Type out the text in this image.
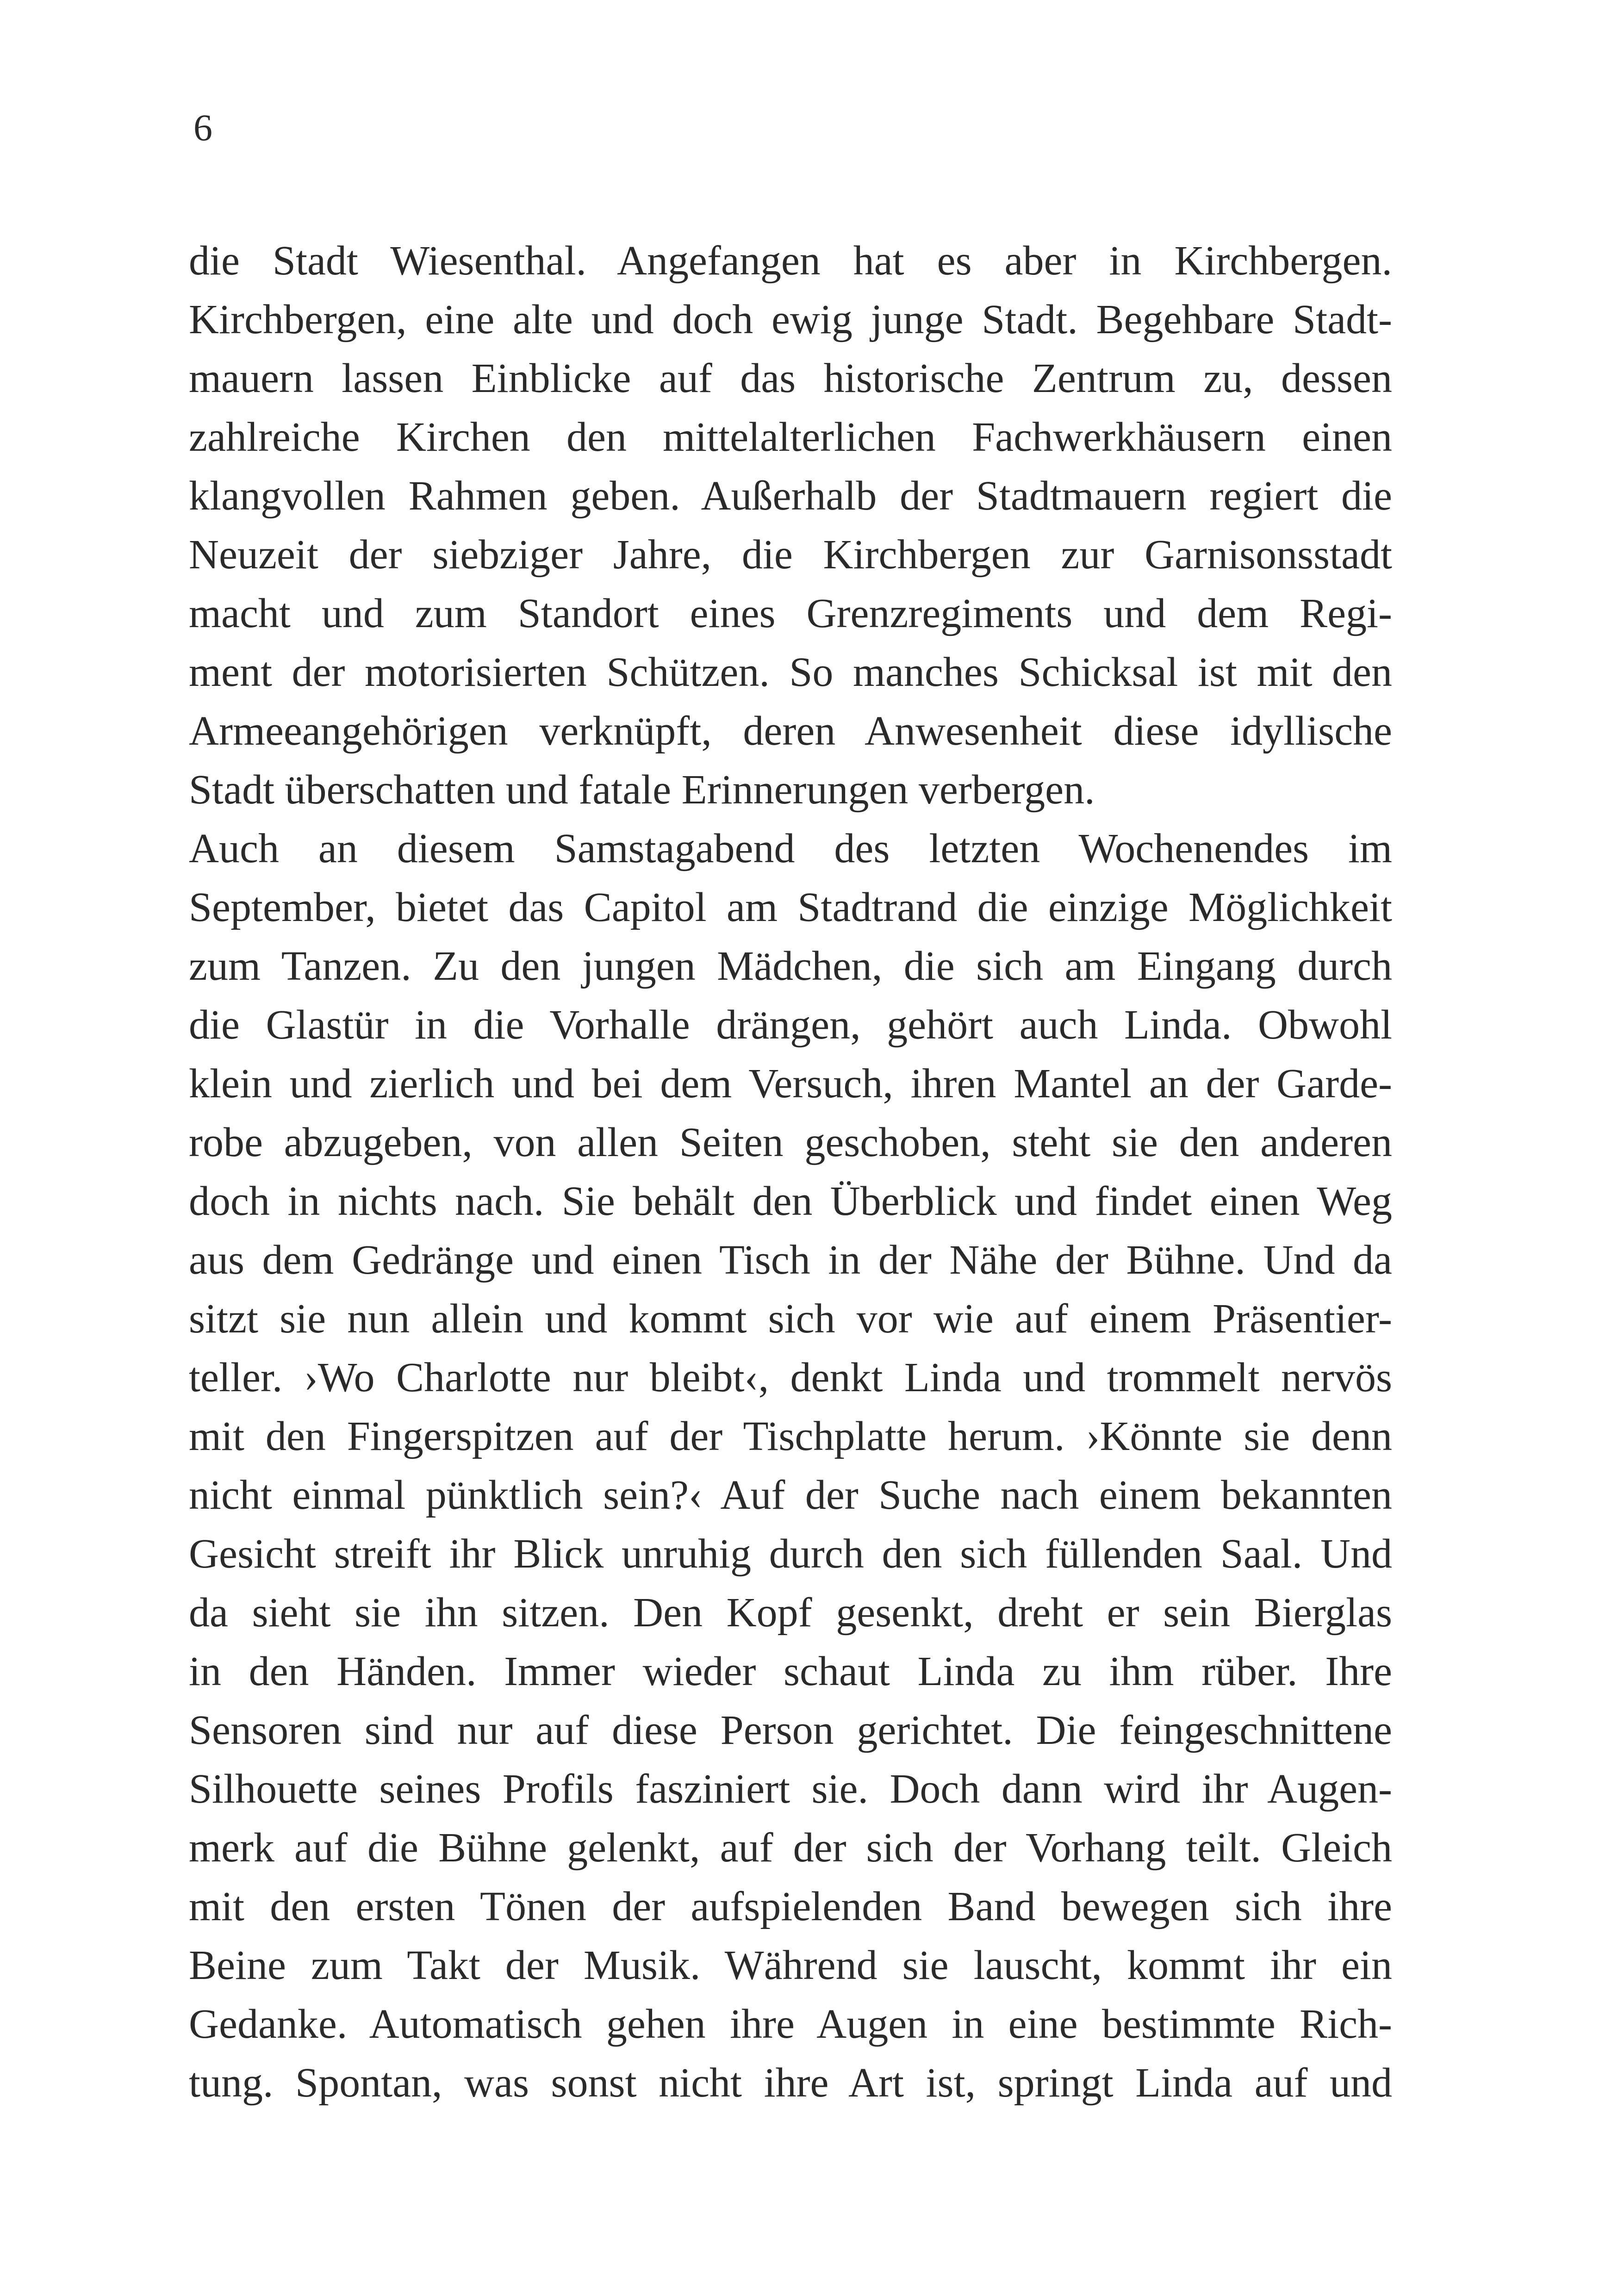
6
die Stadt Wiesenthal. Angefangen hat es aber in Kirchbergen.
Kirchbergen, eine alte und doch ewig junge Stadt. Begehbare Stadt-
mauern lassen Einblicke auf das historische Zentrum zu, dessen
zahlreiche Kirchen den mittelalterlichen Fachwerkhäusern einen
klangvollen Rahmen geben. Außerhalb der Stadtmauern regiert die
Neuzeit der siebziger Jahre, die Kirchbergen zur Garnisonsstadt
macht und zum Standort eines Grenzregiments und dem Regi-
ment der motorisierten Schützen. So manches Schicksal ist mit den
Armeeangehörigen verknüpft, deren Anwesenheit diese idyllische
Stadt überschatten und fatale Erinnerungen verbergen.
Auch an diesem Samstagabend des letzten Wochenendes im
September, bietet das Capitol am Stadtrand die einzige Möglichkeit
zum Tanzen. Zu den jungen Mädchen, die sich am Eingang durch
die Glastür in die Vorhalle drängen, gehört auch Linda. Obwohl
klein und zierlich und bei dem Versuch, ihren Mantel an der Garde-
robe abzugeben, von allen Seiten geschoben, steht sie den anderen
doch in nichts nach. Sie behält den Überblick und findet einen Weg
aus dem Gedränge und einen Tisch in der Nähe der Bühne. Und da
sitzt sie nun allein und kommt sich vor wie auf einem Präsentier-
teller. ›Wo Charlotte nur bleibt‹, denkt Linda und trommelt nervös
mit den Fingerspitzen auf der Tischplatte herum. ›Könnte sie denn
nicht einmal pünktlich sein?‹ Auf der Suche nach einem bekannten
Gesicht streift ihr Blick unruhig durch den sich füllenden Saal. Und
da sieht sie ihn sitzen. Den Kopf gesenkt, dreht er sein Bierglas
in den Händen. Immer wieder schaut Linda zu ihm rüber. Ihre
Sensoren sind nur auf diese Person gerichtet. Die feingeschnittene
Silhouette seines Profils fasziniert sie. Doch dann wird ihr Augen-
merk auf die Bühne gelenkt, auf der sich der Vorhang teilt. Gleich
mit den ersten Tönen der aufspielenden Band bewegen sich ihre
Beine zum Takt der Musik. Während sie lauscht, kommt ihr ein
Gedanke. Automatisch gehen ihre Augen in eine bestimmte Rich-
tung. Spontan, was sonst nicht ihre Art ist, springt Linda auf und
